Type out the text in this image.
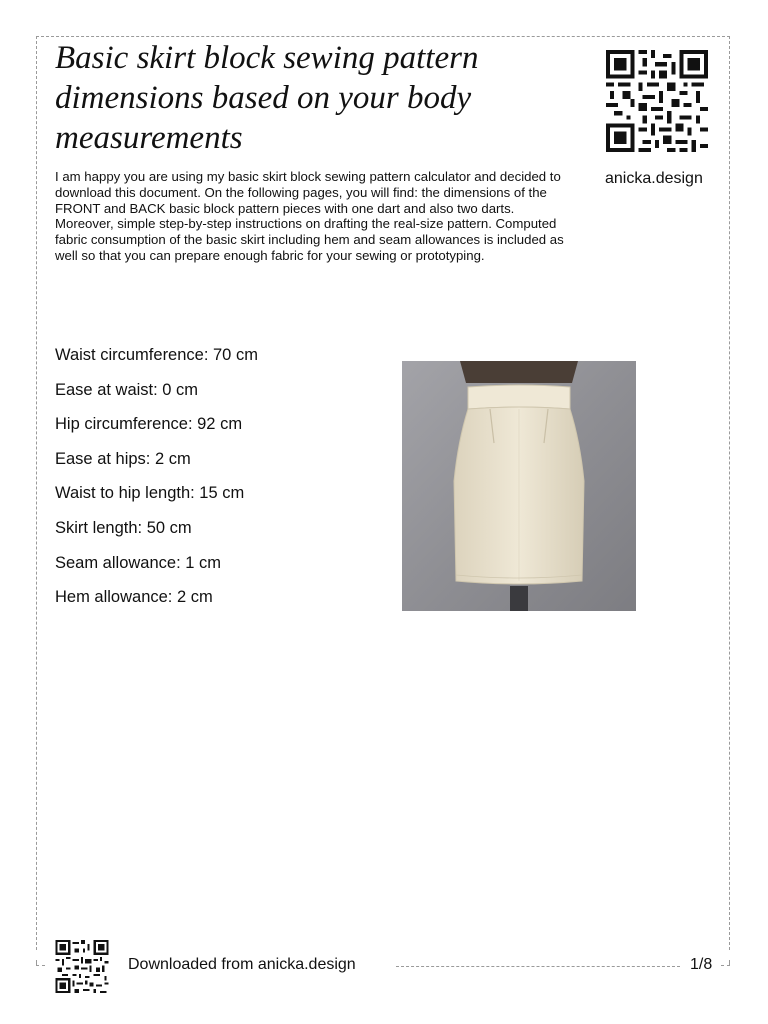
Basic skirt block sewing pattern dimensions based on your body measurements
anicka.design

I am happy you are using my basic skirt block sewing pattern calculator and decided to download this document. On the following pages, you will find: the dimensions of the FRONT and BACK basic block pattern pieces with one dart and also two darts. Moreover, simple step-by-step instructions on drafting the real-size pattern. Computed fabric consumption of the basic skirt including hem and seam allowances is included as well so that you can prepare enough fabric for your sewing or prototyping.

Waist circumference: 70 cm
Ease at waist: 0 cm
Hip circumference: 92 cm
Ease at hips: 2 cm
Waist to hip length: 15 cm
Skirt length: 50 cm
Seam allowance: 1 cm
Hem allowance: 2 cm
Downloaded from anicka.design	1/8
